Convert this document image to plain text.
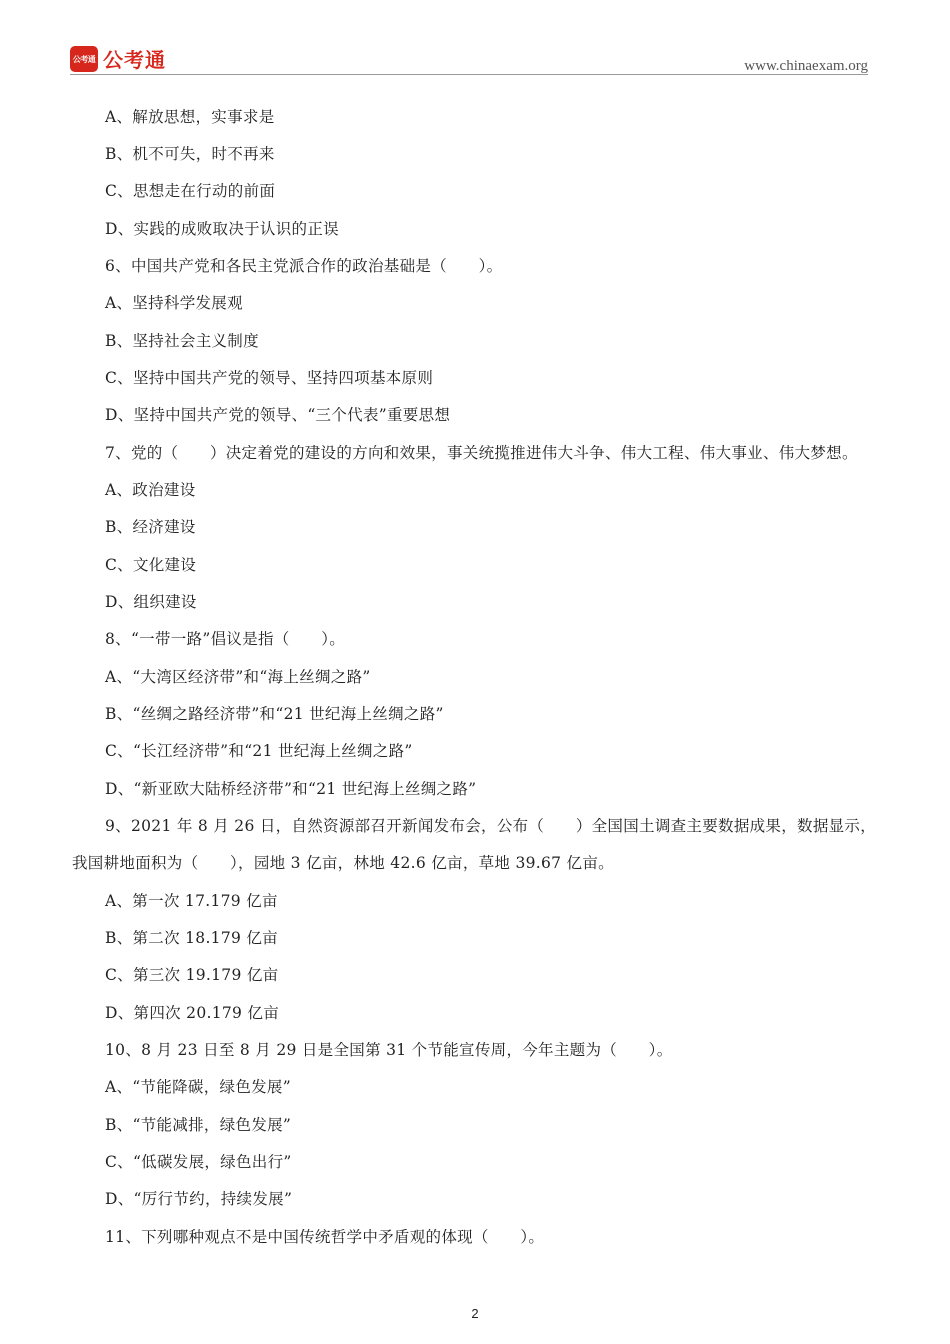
公考通 公考通	www.chinaexam.org
A、解放思想，实事求是
B、机不可失，时不再来
C、思想走在行动的前面
D、实践的成败取决于认识的正误
6、中国共产党和各民主党派合作的政治基础是（　　）。
A、坚持科学发展观
B、坚持社会主义制度
C、坚持中国共产党的领导、坚持四项基本原则
D、坚持中国共产党的领导、“三个代表”重要思想
7、党的（　　）决定着党的建设的方向和效果，事关统揽推进伟大斗争、伟大工程、伟大事业、伟大梦想。
A、政治建设
B、经济建设
C、文化建设
D、组织建设
8、“一带一路”倡议是指（　　）。
A、“大湾区经济带”和“海上丝绸之路”
B、“丝绸之路经济带”和“21 世纪海上丝绸之路”
C、“长江经济带”和“21 世纪海上丝绸之路”
D、“新亚欧大陆桥经济带”和“21 世纪海上丝绸之路”
9、2021 年 8 月 26 日，自然资源部召开新闻发布会，公布（　　）全国国土调查主要数据成果，数据显示，
我国耕地面积为（　　），园地 3 亿亩，林地 42.6 亿亩，草地 39.67 亿亩。
A、第一次 17.179 亿亩
B、第二次 18.179 亿亩
C、第三次 19.179 亿亩
D、第四次 20.179 亿亩
10、8 月 23 日至 8 月 29 日是全国第 31 个节能宣传周，今年主题为（　　）。
A、“节能降碳，绿色发展”
B、“节能减排，绿色发展”
C、“低碳发展，绿色出行”
D、“厉行节约，持续发展”
11、下列哪种观点不是中国传统哲学中矛盾观的体现（　　）。
2
